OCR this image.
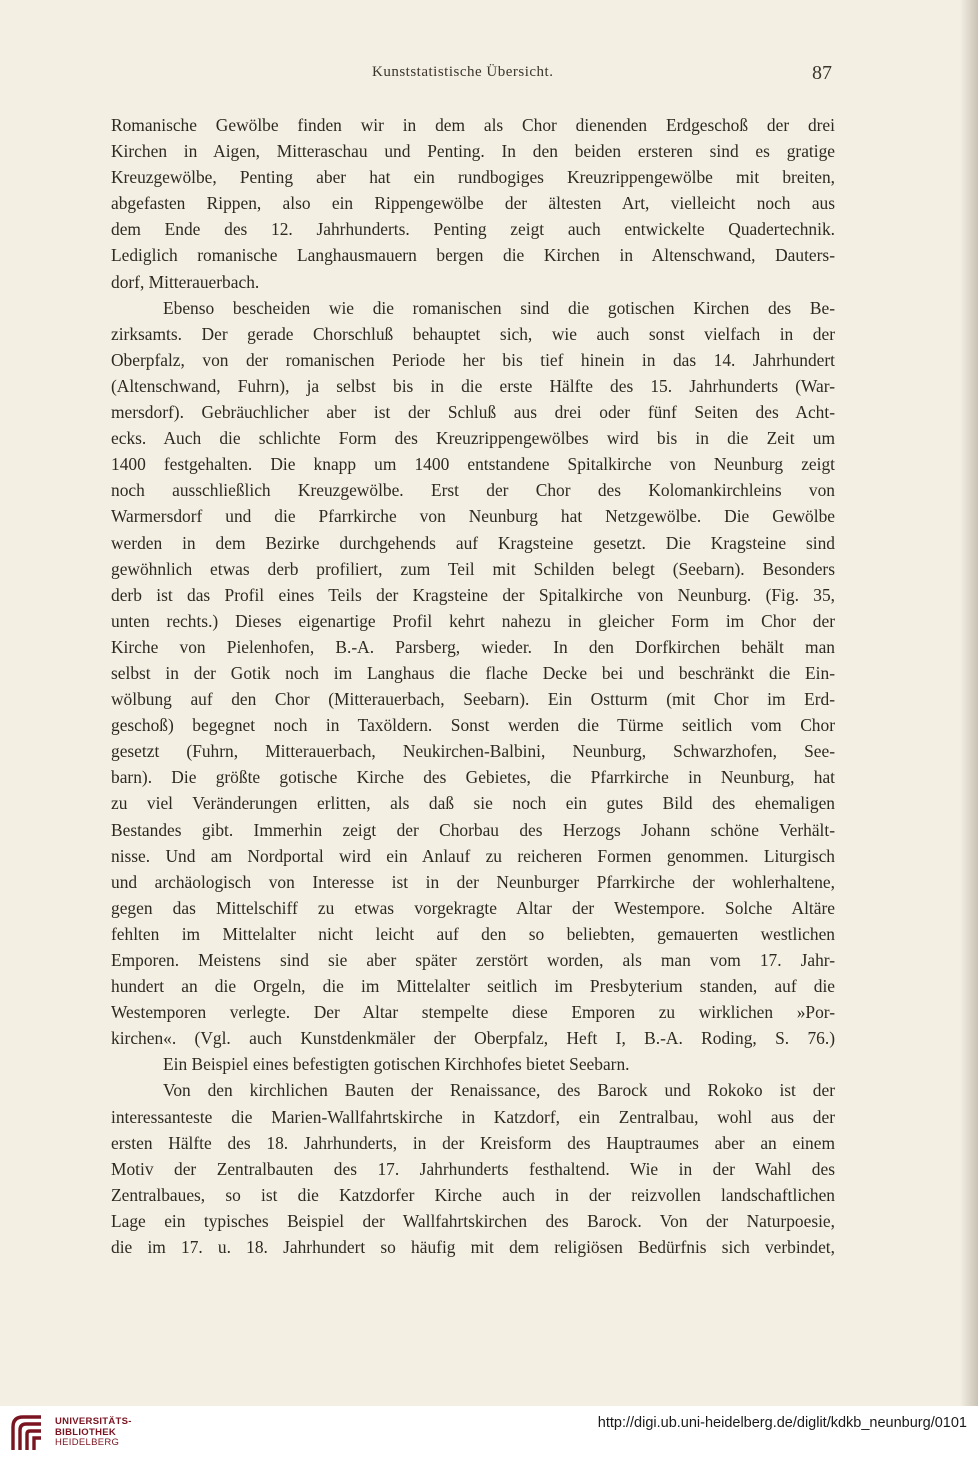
Kunststatistische Übersicht.	87
Romanische Gewölbe finden wir in dem als Chor dienenden Erdgeschoß der drei
Kirchen in Aigen, Mitteraschau und Penting. In den beiden ersteren sind es gratige
Kreuzgewölbe, Penting aber hat ein rundbogiges Kreuzrippengewölbe mit breiten,
abgefasten Rippen, also ein Rippengewölbe der ältesten Art, vielleicht noch aus
dem Ende des 12. Jahrhunderts. Penting zeigt auch entwickelte Quadertechnik.
Lediglich romanische Langhausmauern bergen die Kirchen in Altenschwand, Dauters-
dorf, Mitterauerbach.
Ebenso bescheiden wie die romanischen sind die gotischen Kirchen des Be-
zirksamts. Der gerade Chorschluß behauptet sich, wie auch sonst vielfach in der
Oberpfalz, von der romanischen Periode her bis tief hinein in das 14. Jahrhundert
(Altenschwand, Fuhrn), ja selbst bis in die erste Hälfte des 15. Jahrhunderts (War-
mersdorf). Gebräuchlicher aber ist der Schluß aus drei oder fünf Seiten des Acht-
ecks. Auch die schlichte Form des Kreuzrippengewölbes wird bis in die Zeit um
1400 festgehalten. Die knapp um 1400 entstandene Spitalkirche von Neunburg zeigt
noch ausschließlich Kreuzgewölbe. Erst der Chor des Kolomankirchleins von
Warmersdorf und die Pfarrkirche von Neunburg hat Netzgewölbe. Die Gewölbe
werden in dem Bezirke durchgehends auf Kragsteine gesetzt. Die Kragsteine sind
gewöhnlich etwas derb profiliert, zum Teil mit Schilden belegt (Seebarn). Besonders
derb ist das Profil eines Teils der Kragsteine der Spitalkirche von Neunburg. (Fig. 35,
unten rechts.) Dieses eigenartige Profil kehrt nahezu in gleicher Form im Chor der
Kirche von Pielenhofen, B.-A. Parsberg, wieder. In den Dorfkirchen behält man
selbst in der Gotik noch im Langhaus die flache Decke bei und beschränkt die Ein-
wölbung auf den Chor (Mitterauerbach, Seebarn). Ein Ostturm (mit Chor im Erd-
geschoß) begegnet noch in Taxöldern. Sonst werden die Türme seitlich vom Chor
gesetzt (Fuhrn, Mitterauerbach, Neukirchen-Balbini, Neunburg, Schwarzhofen, See-
barn). Die größte gotische Kirche des Gebietes, die Pfarrkirche in Neunburg, hat
zu viel Veränderungen erlitten, als daß sie noch ein gutes Bild des ehemaligen
Bestandes gibt. Immerhin zeigt der Chorbau des Herzogs Johann schöne Verhält-
nisse. Und am Nordportal wird ein Anlauf zu reicheren Formen genommen. Liturgisch
und archäologisch von Interesse ist in der Neunburger Pfarrkirche der wohlerhaltene,
gegen das Mittelschiff zu etwas vorgekragte Altar der Westempore. Solche Altäre
fehlten im Mittelalter nicht leicht auf den so beliebten, gemauerten westlichen
Emporen. Meistens sind sie aber später zerstört worden, als man vom 17. Jahr-
hundert an die Orgeln, die im Mittelalter seitlich im Presbyterium standen, auf die
Westemporen verlegte. Der Altar stempelte diese Emporen zu wirklichen »Por-
kirchen«. (Vgl. auch Kunstdenkmäler der Oberpfalz, Heft I, B.-A. Roding, S. 76.)
Ein Beispiel eines befestigten gotischen Kirchhofes bietet Seebarn.
Von den kirchlichen Bauten der Renaissance, des Barock und Rokoko ist der
interessanteste die Marien-Wallfahrtskirche in Katzdorf, ein Zentralbau, wohl aus der
ersten Hälfte des 18. Jahrhunderts, in der Kreisform des Hauptraumes aber an einem
Motiv der Zentralbauten des 17. Jahrhunderts festhaltend. Wie in der Wahl des
Zentralbaues, so ist die Katzdorfer Kirche auch in der reizvollen landschaftlichen
Lage ein typisches Beispiel der Wallfahrtskirchen des Barock. Von der Naturpoesie,
die im 17. u. 18. Jahrhundert so häufig mit dem religiösen Bedürfnis sich verbindet,
UNIVERSITÄTS-
BIBLIOTHEK
HEIDELBERG
http://digi.ub.uni-heidelberg.de/diglit/kdkb_neunburg/0101
